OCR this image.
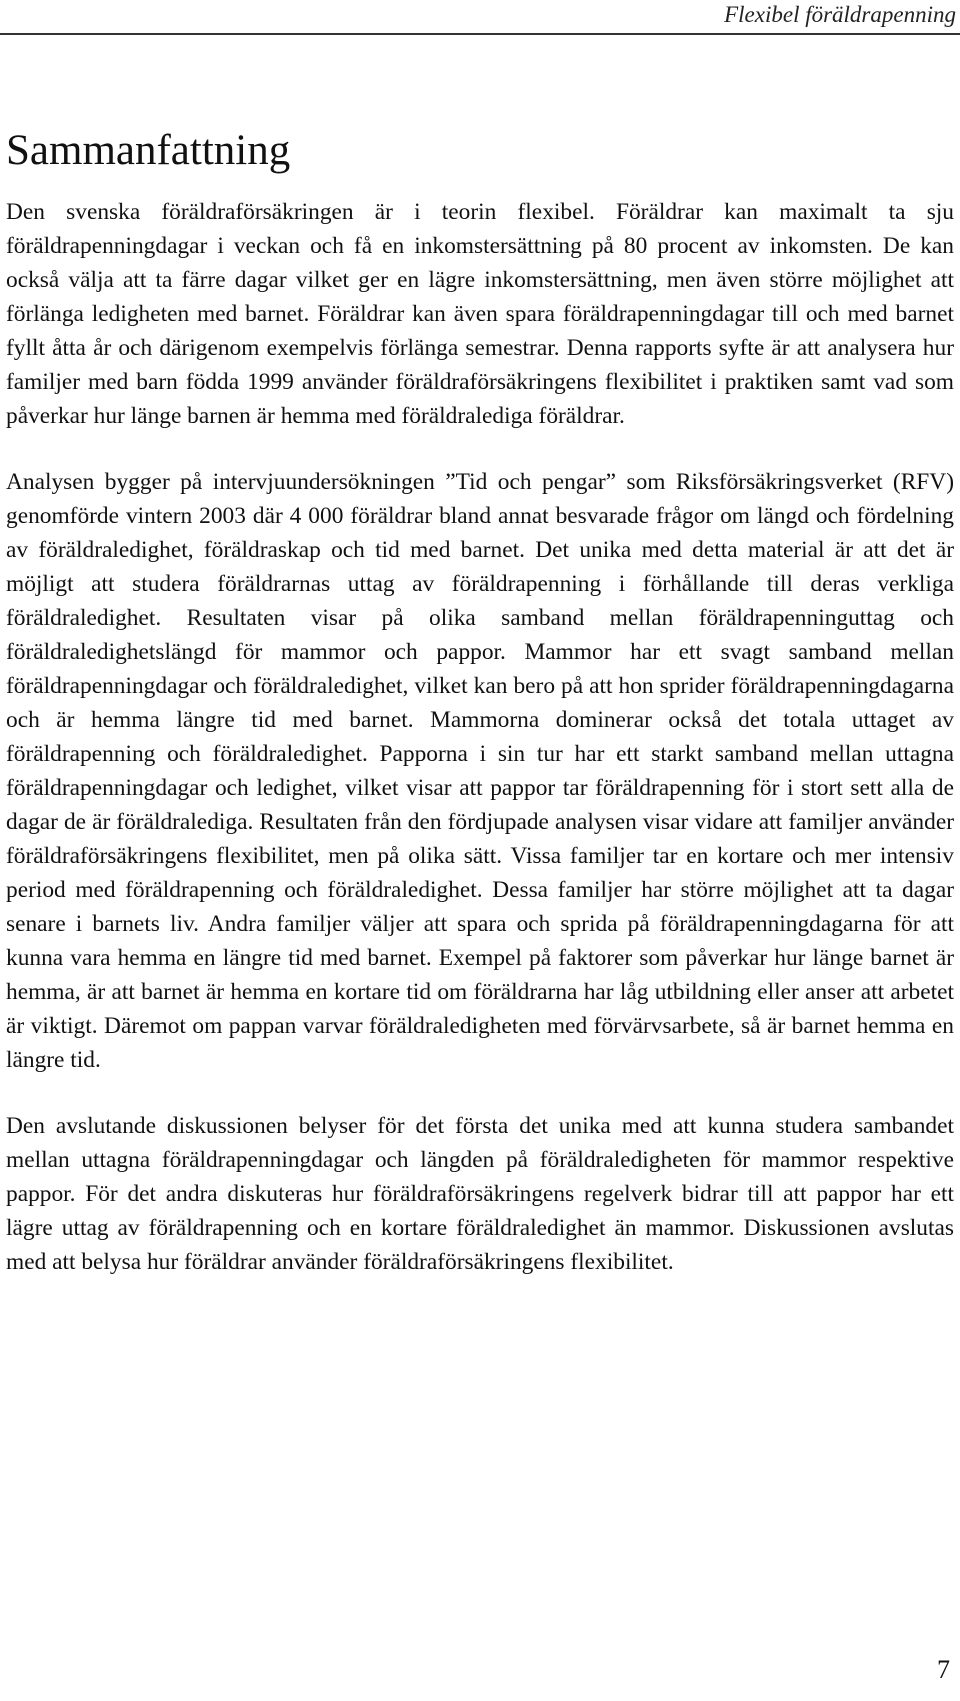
Flexibel föräldrapenning
Sammanfattning

Den svenska föräldraförsäkringen är i teorin flexibel. Föräldrar kan maximalt ta sju föräldrapenningdagar i veckan och få en inkomstersättning på 80 procent av inkomsten. De kan också välja att ta färre dagar vilket ger en lägre inkomstersättning, men även större möjlighet att förlänga ledigheten med barnet. Föräldrar kan även spara föräldrapenningdagar till och med barnet fyllt åtta år och därigenom exempelvis förlänga semestrar. Denna rapports syfte är att analysera hur familjer med barn födda 1999 använder föräldraförsäkringens flexibilitet i praktiken samt vad som påverkar hur länge barnen är hemma med föräldralediga föräldrar.

Analysen bygger på intervjuundersökningen ”Tid och pengar” som Riksförsäkringsverket (RFV) genomförde vintern 2003 där 4 000 föräldrar bland annat besvarade frågor om längd och fördelning av föräldraledighet, föräldraskap och tid med barnet. Det unika med detta material är att det är möjligt att studera föräldrarnas uttag av föräldrapenning i förhållande till deras verkliga föräldraledighet. Resultaten visar på olika samband mellan föräldrapenninguttag och föräldraledighetslängd för mammor och pappor. Mammor har ett svagt samband mellan föräldrapenningdagar och föräldraledighet, vilket kan bero på att hon sprider föräldrapenningdagarna och är hemma längre tid med barnet. Mammorna dominerar också det totala uttaget av föräldrapenning och föräldraledighet. Papporna i sin tur har ett starkt samband mellan uttagna föräldrapenningdagar och ledighet, vilket visar att pappor tar föräldrapenning för i stort sett alla de dagar de är föräldralediga. Resultaten från den fördjupade analysen visar vidare att familjer använder föräldraförsäkringens flexibilitet, men på olika sätt. Vissa familjer tar en kortare och mer intensiv period med föräldrapenning och föräldraledighet. Dessa familjer har större möjlighet att ta dagar senare i barnets liv. Andra familjer väljer att spara och sprida på föräldrapenningdagarna för att kunna vara hemma en längre tid med barnet. Exempel på faktorer som påverkar hur länge barnet är hemma, är att barnet är hemma en kortare tid om föräldrarna har låg utbildning eller anser att arbetet är viktigt. Däremot om pappan varvar föräldraledigheten med förvärvsarbete, så är barnet hemma en längre tid.

Den avslutande diskussionen belyser för det första det unika med att kunna studera sambandet mellan uttagna föräldrapenningdagar och längden på föräldraledigheten för mammor respektive pappor. För det andra diskuteras hur föräldraförsäkringens regelverk bidrar till att pappor har ett lägre uttag av föräldrapenning och en kortare föräldraledighet än mammor. Diskussionen avslutas med att belysa hur föräldrar använder föräldraförsäkringens flexibilitet.

7
